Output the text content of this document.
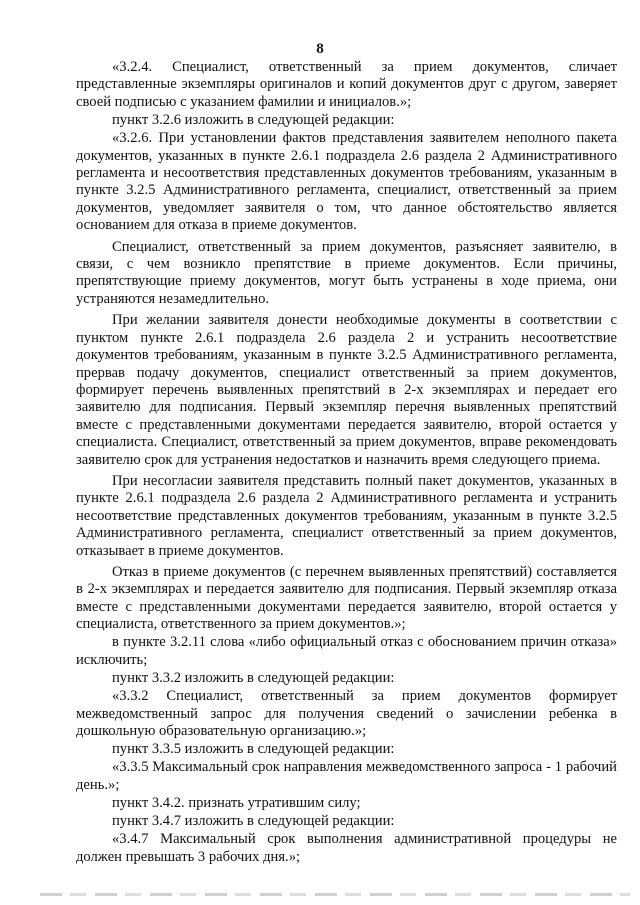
8

«3.2.4. Специалист, ответственный за прием документов, сличает представленные экземпляры оригиналов и копий документов друг с другом, заверяет своей подписью с указанием фамилии и инициалов.»;

пункт 3.2.6 изложить в следующей редакции:

«3.2.6. При установлении фактов представления заявителем неполного пакета документов, указанных в пункте 2.6.1 подраздела 2.6 раздела 2 Административного регламента и несоответствия представленных документов требованиям, указанным в пункте 3.2.5 Административного регламента, специалист, ответственный за прием документов, уведомляет заявителя о том, что данное обстоятельство является основанием для отказа в приеме документов.

Специалист, ответственный за прием документов, разъясняет заявителю, в связи, с чем возникло препятствие в приеме документов. Если причины, препятствующие приему документов, могут быть устранены в ходе приема, они устраняются незамедлительно.

При желании заявителя донести необходимые документы в соответствии с пунктом пункте 2.6.1 подраздела 2.6 раздела 2 и устранить несоответствие документов требованиям, указанным в пункте 3.2.5 Административного регламента, прервав подачу документов, специалист ответственный за прием документов, формирует перечень выявленных препятствий в 2-х экземплярах и передает его заявителю для подписания. Первый экземпляр перечня выявленных препятствий вместе с представленными документами передается заявителю, второй остается у специалиста. Специалист, ответственный за прием документов, вправе рекомендовать заявителю срок для устранения недостатков и назначить время следующего приема.

При несогласии заявителя представить полный пакет документов, указанных в пункте 2.6.1 подраздела 2.6 раздела 2 Административного регламента и устранить несоответствие представленных документов требованиям, указанным в пункте 3.2.5 Административного регламента, специалист ответственный за прием документов, отказывает в приеме документов.

Отказ в приеме документов (с перечнем выявленных препятствий) составляется в 2-х экземплярах и передается заявителю для подписания. Первый экземпляр отказа вместе с представленными документами передается заявителю, второй остается у специалиста, ответственного за прием документов.»;

в пункте 3.2.11 слова «либо официальный отказ с обоснованием причин отказа» исключить;

пункт 3.3.2 изложить в следующей редакции:

«3.3.2 Специалист, ответственный за прием документов формирует межведомственный запрос для получения сведений о зачислении ребенка в дошкольную образовательную организацию.»;

пункт 3.3.5 изложить в следующей редакции:

«3.3.5 Максимальный срок направления межведомственного запроса - 1 рабочий день.»;

пункт 3.4.2. признать утратившим силу;

пункт 3.4.7 изложить в следующей редакции:

«3.4.7 Максимальный срок выполнения административной процедуры не должен превышать 3 рабочих дня.»;
